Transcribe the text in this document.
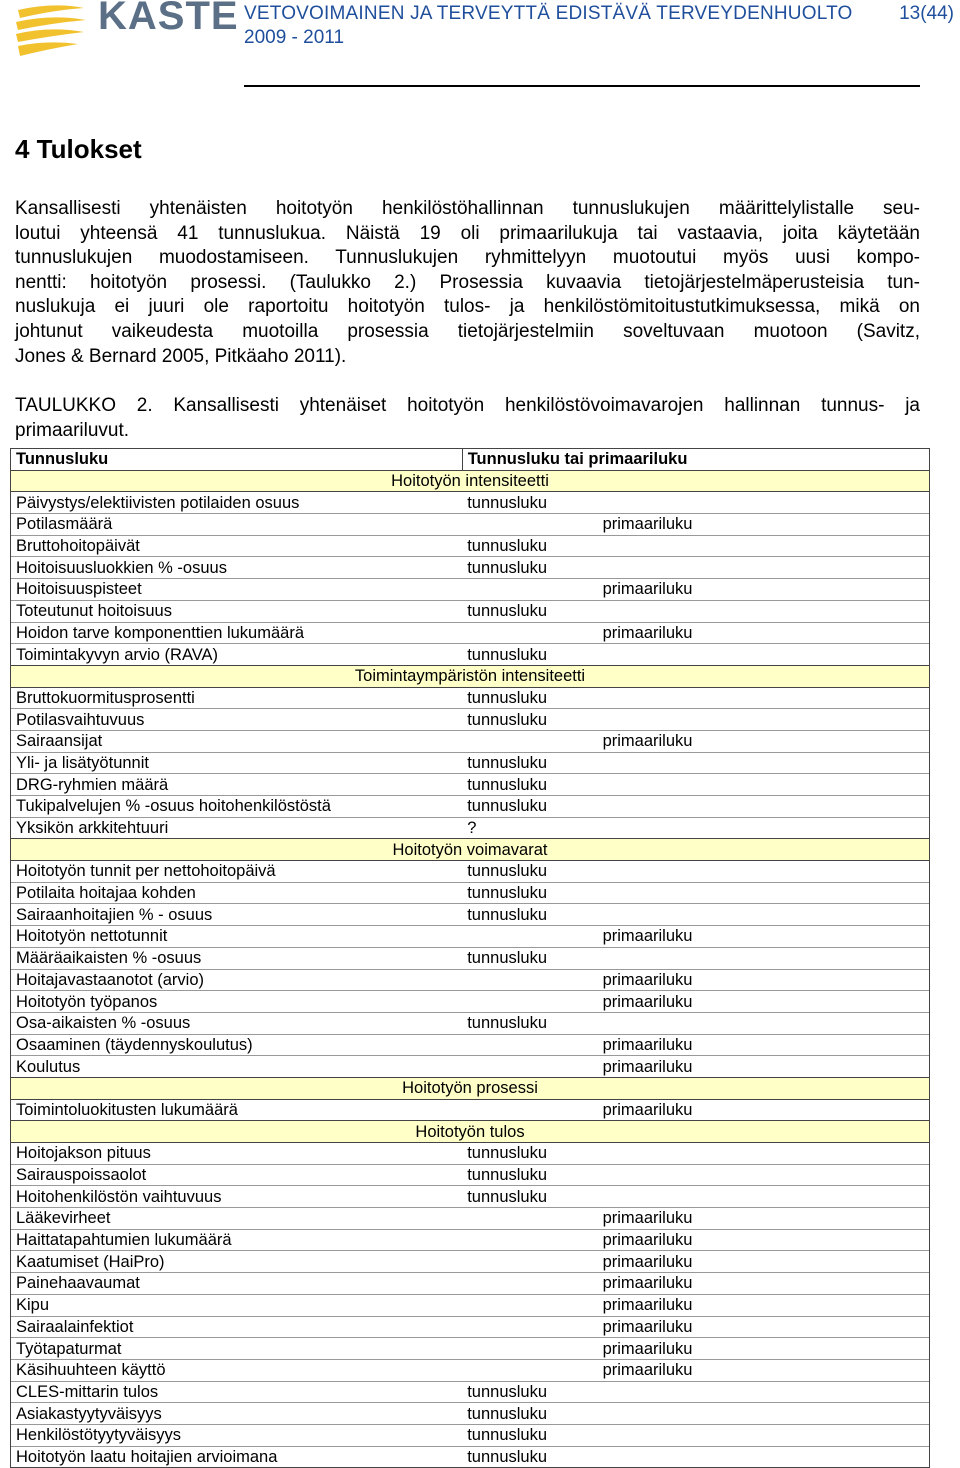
KASTE VETOVOIMAINEN JA TERVEYTTÄ EDISTÄVÄ TERVEYDENHUOLTO
2009 - 2011
13(44)
4 Tulokset

Kansallisesti yhtenäisten hoitotyön henkilöstöhallinnan tunnuslukujen määrittelylistalle seu-
loutui yhteensä 41 tunnuslukua. Näistä 19 oli primaarilukuja tai vastaavia, joita käytetään
tunnuslukujen muodostamiseen. Tunnuslukujen ryhmittelyyn muotoutui myös uusi kompo-
nentti: hoitotyön prosessi. (Taulukko 2.) Prosessia kuvaavia tietojärjestelmäperusteisia tun-
nuslukuja ei juuri ole raportoitu hoitotyön tulos- ja henkilöstömitoitustutkimuksessa, mikä on
johtunut vaikeudesta muotoilla prosessia tietojärjestelmiin soveltuvaan muotoon (Savitz,
Jones & Bernard 2005, Pitkäaho 2011).

TAULUKKO 2. Kansallisesti yhtenäiset hoitotyön henkilöstövoimavarojen hallinnan tunnus- ja
primaariluvut.

Tunnusluku	Tunnusluku tai primaariluku	
Hoitotyön intensiteetti		
Päivystys/elektiivisten potilaiden osuus	tunnusluku	
Potilasmäärä		primaariluku
Bruttohoitopäivät	tunnusluku	
Hoitoisuusluokkien % -osuus	tunnusluku	
Hoitoisuuspisteet		primaariluku
Toteutunut hoitoisuus	tunnusluku	
Hoidon tarve komponenttien lukumäärä		primaariluku
Toimintakyvyn arvio (RAVA)	tunnusluku	
Toimintaympäristön intensiteetti		
Bruttokuormitusprosentti	tunnusluku	
Potilasvaihtuvuus	tunnusluku	
Sairaansijat		primaariluku
Yli- ja lisätyötunnit	tunnusluku	
DRG-ryhmien määrä	tunnusluku	
Tukipalvelujen % -osuus hoitohenkilöstöstä	tunnusluku	
Yksikön arkkitehtuuri	?	
Hoitotyön voimavarat		
Hoitotyön tunnit per nettohoitopäivä	tunnusluku	
Potilaita hoitajaa kohden	tunnusluku	
Sairaanhoitajien % - osuus	tunnusluku	
Hoitotyön nettotunnit		primaariluku
Määräaikaisten % -osuus	tunnusluku	
Hoitajavastaanotot (arvio)		primaariluku
Hoitotyön työpanos		primaariluku
Osa-aikaisten % -osuus	tunnusluku	
Osaaminen (täydennyskoulutus)		primaariluku
Koulutus		primaariluku
Hoitotyön prosessi		
Toimintoluokitusten lukumäärä		primaariluku
Hoitotyön tulos		
Hoitojakson pituus	tunnusluku	
Sairauspoissaolot	tunnusluku	
Hoitohenkilöstön vaihtuvuus	tunnusluku	
Lääkevirheet		primaariluku
Haittatapahtumien lukumäärä		primaariluku
Kaatumiset (HaiPro)		primaariluku
Painehaavaumat		primaariluku
Kipu		primaariluku
Sairaalainfektiot		primaariluku
Työtapaturmat		primaariluku
Käsihuuhteen käyttö		primaariluku
CLES-mittarin tulos	tunnusluku	
Asiakastyytyväisyys	tunnusluku	
Henkilöstötyytyväisyys	tunnusluku	
Hoitotyön laatu hoitajien arvioimana	tunnusluku	
